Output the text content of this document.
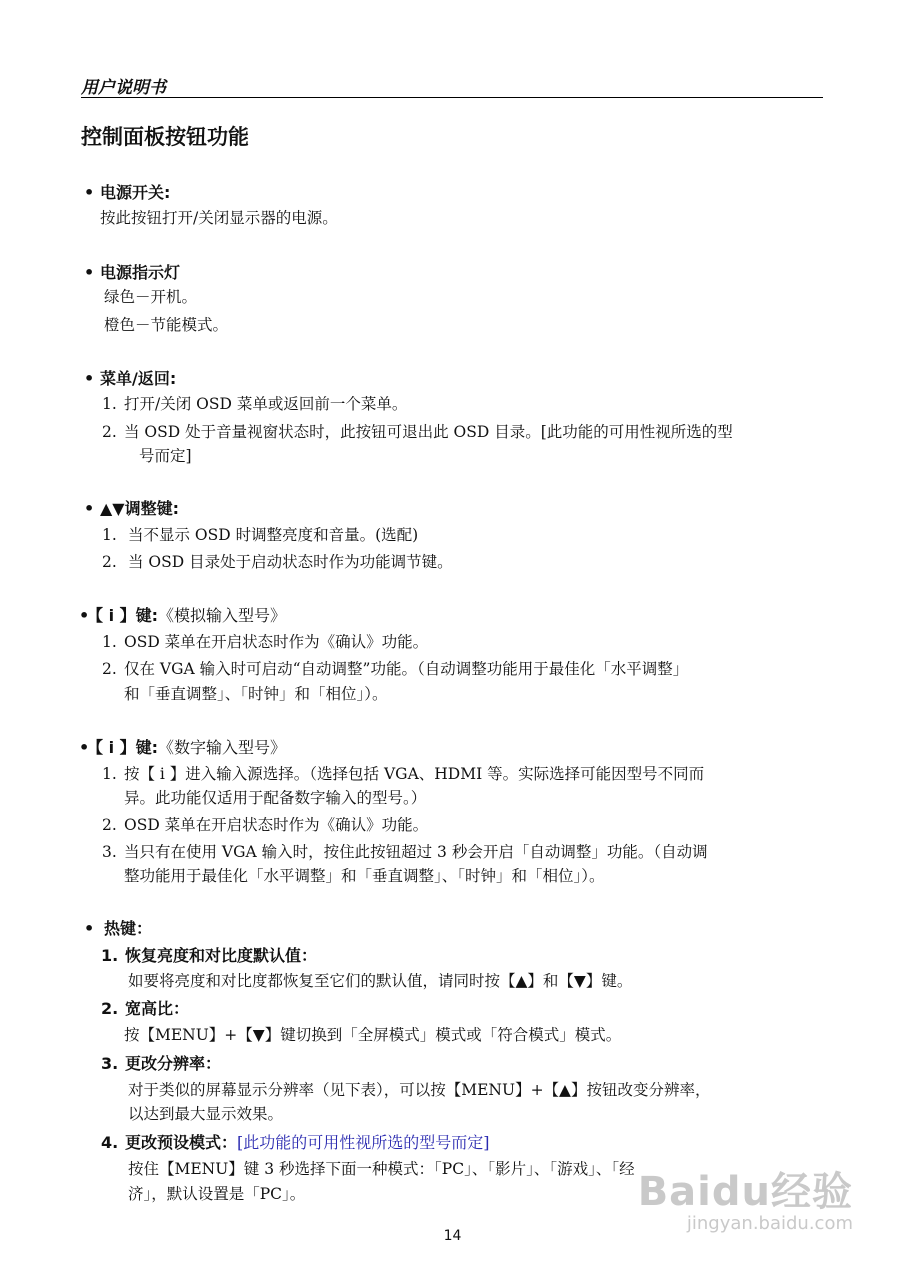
用户说明书
控制面板按钮功能
• 电源开关:
按此按钮打开/关闭显示器的电源。
• 电源指示灯
绿色－开机。
橙色－节能模式。
• 菜单/返回:
1. 打开/关闭 OSD 菜单或返回前一个菜单。
2. 当 OSD 处于音量视窗状态时，此按钮可退出此 OSD 目录。[此功能的可用性视所选的型
号而定]
• ▲▼调整键:
1. 当不显示 OSD 时调整亮度和音量。(选配)
2. 当 OSD 目录处于启动状态时作为功能调节键。
•【 i 】键:《模拟输入型号》
1. OSD 菜单在开启状态时作为《确认》功能。
2. 仅在 VGA 输入时可启动“自动调整”功能。（自动调整功能用于最佳化「水平调整」
和「垂直调整」、「时钟」和「相位」）。
•【 i 】键:《数字输入型号》
1. 按【 i 】进入输入源选择。（选择包括 VGA、HDMI 等。实际选择可能因型号不同而
异。此功能仅适用于配备数字输入的型号。）
2. OSD 菜单在开启状态时作为《确认》功能。
3. 当只有在使用 VGA 输入时，按住此按钮超过 3 秒会开启「自动调整」功能。（自动调
整功能用于最佳化「水平调整」和「垂直调整」、「时钟」和「相位」）。
• 热键：
1. 恢复亮度和对比度默认值：
如要将亮度和对比度都恢复至它们的默认值，请同时按【▲】和【▼】键。
2. 宽高比：
按【MENU】+【▼】键切换到「全屏模式」模式或「符合模式」模式。
3. 更改分辨率：
对于类似的屏幕显示分辨率（见下表），可以按【MENU】+【▲】按钮改变分辨率，
以达到最大显示效果。
4. 更改预设模式：[此功能的可用性视所选的型号而定]
按住【MENU】键 3 秒选择下面一种模式：「PC」、「影片」、「游戏」、「经
济」，默认设置是「PC」。
14
Baidu经验
jingyan.baidu.com
